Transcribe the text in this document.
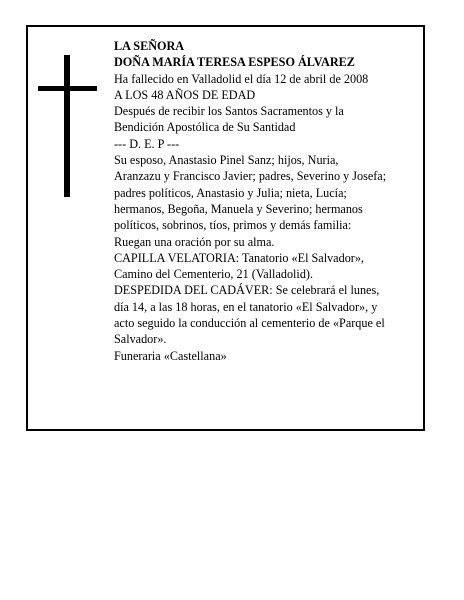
LA SEÑORA

DOÑA MARÍA TERESA ESPESO ÁLVAREZ

Ha fallecido en Valladolid el día 12 de abril de 2008

A LOS 48 AÑOS DE EDAD

Después de recibir los Santos Sacramentos y la

Bendición Apostólica de Su Santidad

--- D. E. P ---

Su esposo, Anastasio Pinel Sanz; hijos, Nuria,

Aranzazu y Francisco Javier; padres, Severino y Josefa;

padres políticos, Anastasio y Julia; nieta, Lucía;

hermanos, Begoña, Manuela y Severino; hermanos

políticos, sobrinos, tíos, primos y demás familia:

Ruegan una oración por su alma.

CAPILLA VELATORIA: Tanatorio «El Salvador»,

Camino del Cementerio, 21 (Valladolid).

DESPEDIDA DEL CADÁVER: Se celebrará el lunes,

día 14, a las 18 horas, en el tanatorio «El Salvador», y

acto seguido la conducción al cementerio de «Parque el

Salvador».

Funeraria «Castellana»
